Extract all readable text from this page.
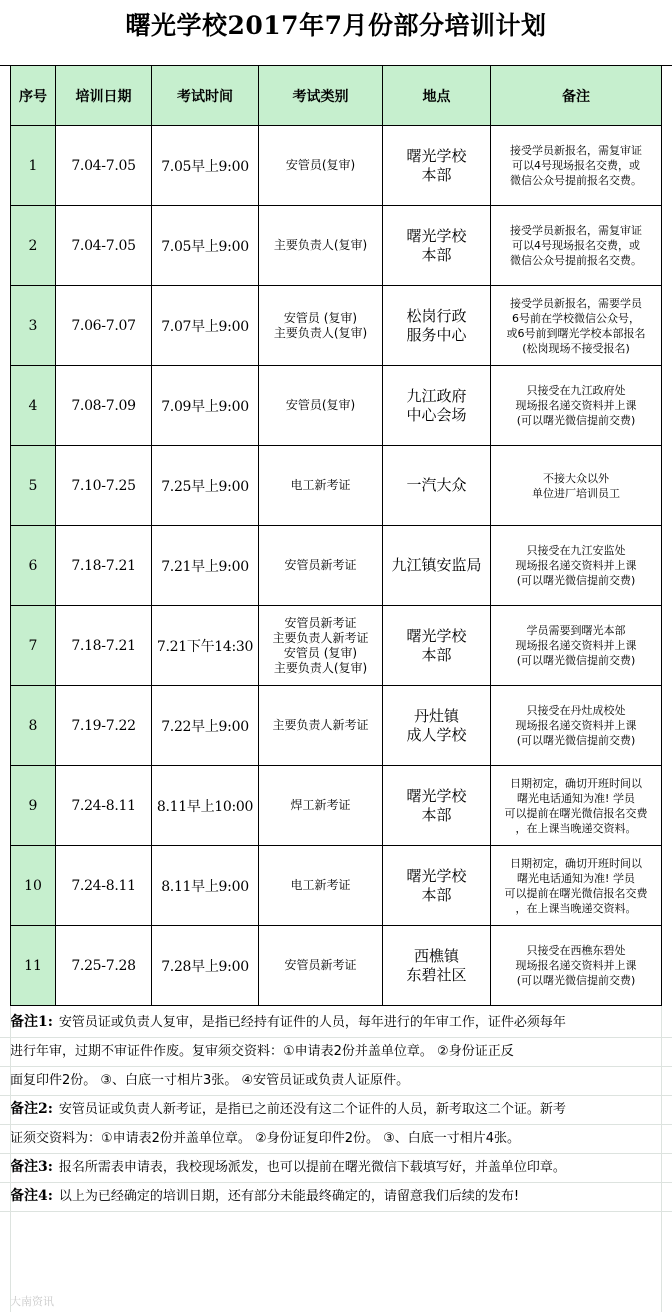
曙光学校2017年7月份部分培训计划
序号	培训日期	考试时间	考试类别	地点	备注
1	7.04-7.05	7.05早上9:00	安管员(复审)	曙光学校
本部	接受学员新报名，需复审证
可以4号现场报名交费，或
微信公众号提前报名交费。

2	7.04-7.05	7.05早上9:00	主要负责人(复审)	曙光学校
本部	接受学员新报名，需复审证
可以4号现场报名交费，或
微信公众号提前报名交费。

3	7.06-7.07	7.07早上9:00	安管员 (复审)
主要负责人(复审)	松岗行政
服务中心	接受学员新报名，需要学员
6号前在学校微信公众号，
或6号前到曙光学校本部报名
(松岗现场不接受报名)

4	7.08-7.09	7.09早上9:00	安管员(复审)	九江政府
中心会场	只接受在九江政府处
现场报名递交资料并上课
(可以曙光微信提前交费)

5	7.10-7.25	7.25早上9:00	电工新考证	一汽大众	不接大众以外
单位进厂培训员工

6	7.18-7.21	7.21早上9:00	安管员新考证	九江镇安监局	只接受在九江安监处
现场报名递交资料并上课
(可以曙光微信提前交费)

7	7.18-7.21	7.21下午14:30	安管员新考证
主要负责人新考证
安管员 (复审)
主要负责人(复审)	曙光学校
本部	学员需要到曙光本部
现场报名递交资料并上课
(可以曙光微信提前交费)

8	7.19-7.22	7.22早上9:00	主要负责人新考证	丹灶镇
成人学校	只接受在丹灶成校处
现场报名递交资料并上课
(可以曙光微信提前交费)

9	7.24-8.11	8.11早上10:00	焊工新考证	曙光学校
本部	日期初定，确切开班时间以
曙光电话通知为准! 学员
可以提前在曙光微信报名交费
，在上课当晚递交资料。

10	7.24-8.11	8.11早上9:00	电工新考证	曙光学校
本部	日期初定，确切开班时间以
曙光电话通知为准! 学员
可以提前在曙光微信报名交费
，在上课当晚递交资料。

11	7.25-7.28	7.28早上9:00	安管员新考证	西樵镇
东碧社区	只接受在西樵东碧处
现场报名递交资料并上课
(可以曙光微信提前交费)
备注1: 安管员证或负责人复审，是指已经持有证件的人员，每年进行的年审工作，证件必须每年
进行年审，过期不审证件作废。复审须交资料：①申请表2份并盖单位章。 ②身份证正反
面复印件2份。 ③、白底一寸相片3张。 ④安管员证或负责人证原件。
备注2: 安管员证或负责人新考证，是指已之前还没有这二个证件的人员，新考取这二个证。新考
证须交资料为：①申请表2份并盖单位章。 ②身份证复印件2份。 ③、白底一寸相片4张。
备注3: 报名所需表申请表，我校现场派发，也可以提前在曙光微信下载填写好，并盖单位印章。
备注4: 以上为已经确定的培训日期，还有部分未能最终确定的，请留意我们后续的发布!
大南资讯
